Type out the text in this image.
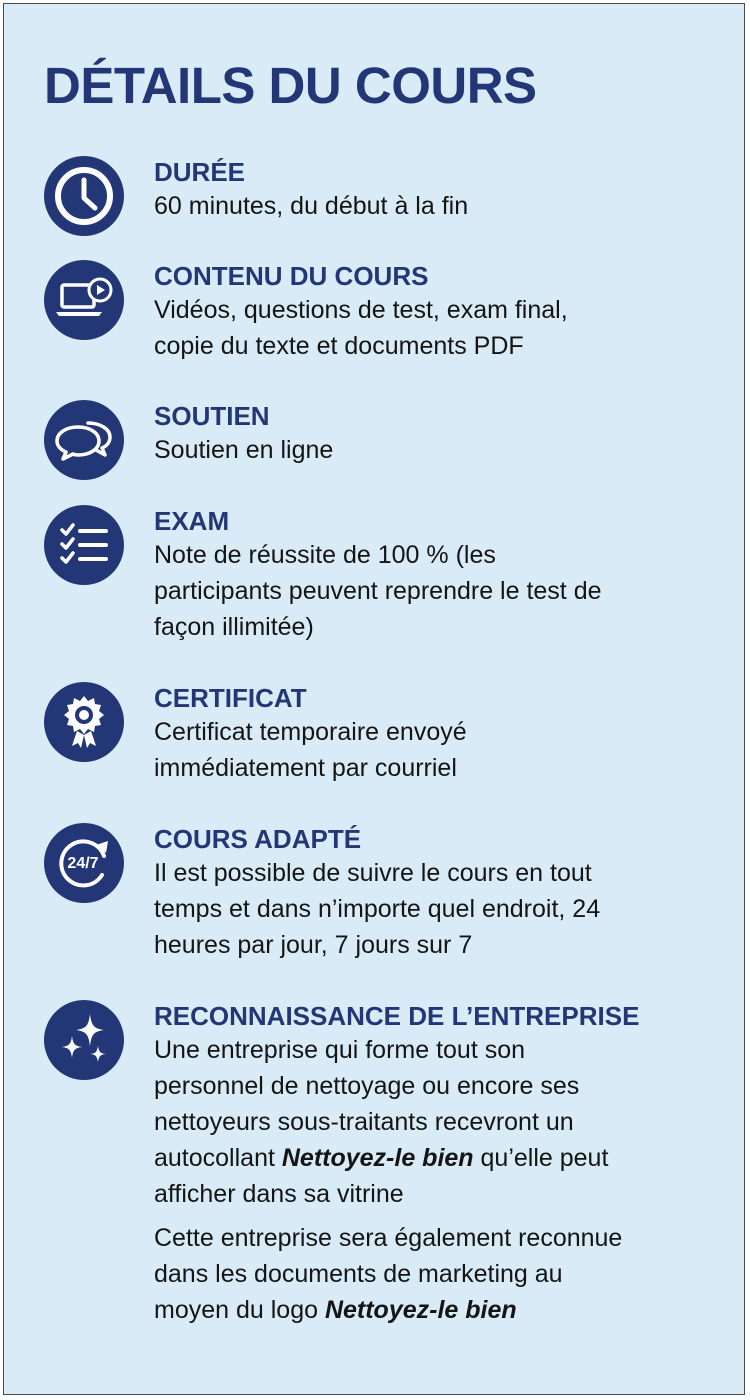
DÉTAILS DU COURS

DURÉE

60 minutes, du début à la fin

CONTENU DU COURS

Vidéos, questions de test, exam final,
copie du texte et documents PDF

SOUTIEN

Soutien en ligne

EXAM

Note de réussite de 100 % (les
participants peuvent reprendre le test de
façon illimitée)

CERTIFICAT

Certificat temporaire envoyé
immédiatement par courriel

24/7

COURS ADAPTÉ

Il est possible de suivre le cours en tout
temps et dans n’importe quel endroit, 24
heures par jour, 7 jours sur 7

RECONNAISSANCE DE L’ENTREPRISE

Une entreprise qui forme tout son
personnel de nettoyage ou encore ses
nettoyeurs sous-traitants recevront un
autocollant Nettoyez-le bien qu’elle peut
afficher dans sa vitrine

Cette entreprise sera également reconnue
dans les documents de marketing au
moyen du logo Nettoyez-le bien
